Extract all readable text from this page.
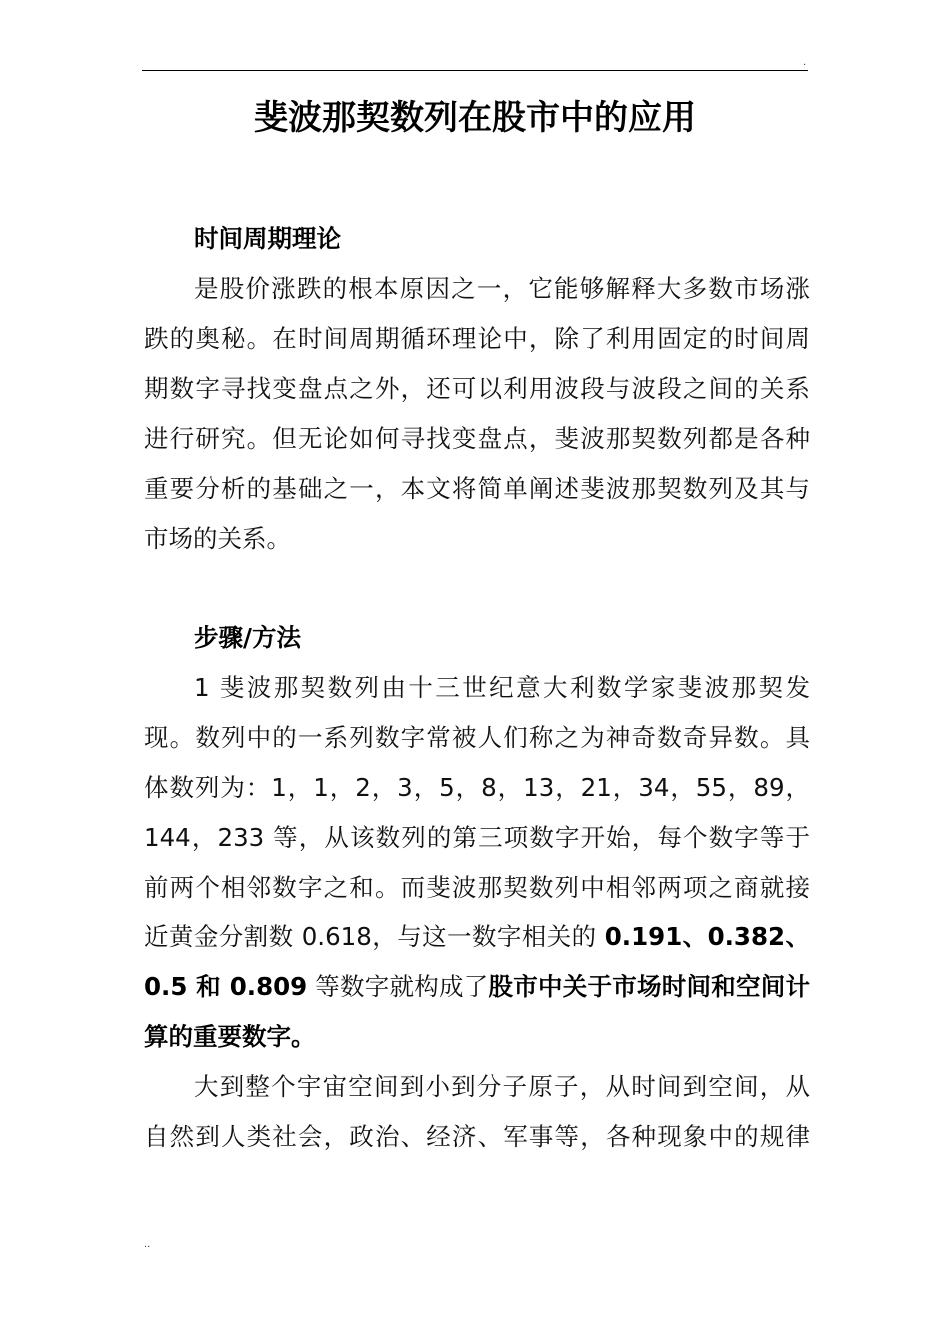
.
斐波那契数列在股市中的应用

时间周期理论

是股价涨跌的根本原因之一，它能够解释大多数市场涨

跌的奥秘。在时间周期循环理论中，除了利用固定的时间周

期数字寻找变盘点之外，还可以利用波段与波段之间的关系

进行研究。但无论如何寻找变盘点，斐波那契数列都是各种

重要分析的基础之一，本文将简单阐述斐波那契数列及其与

市场的关系。

步骤/方法

1 斐波那契数列由十三世纪意大利数学家斐波那契发

现。数列中的一系列数字常被人们称之为神奇数奇异数。具

体数列为：1，1，2，3，5，8，13，21，34，55，89，

144，233 等，从该数列的第三项数字开始，每个数字等于

前两个相邻数字之和。而斐波那契数列中相邻两项之商就接

近黄金分割数 0.618，与这一数字相关的 0.191、0.382、

0.5 和 0.809 等数字就构成了股市中关于市场时间和空间计

算的重要数字。

大到整个宇宙空间到小到分子原子，从时间到空间，从

自然到人类社会，政治、经济、军事等，各种现象中的规律

..
